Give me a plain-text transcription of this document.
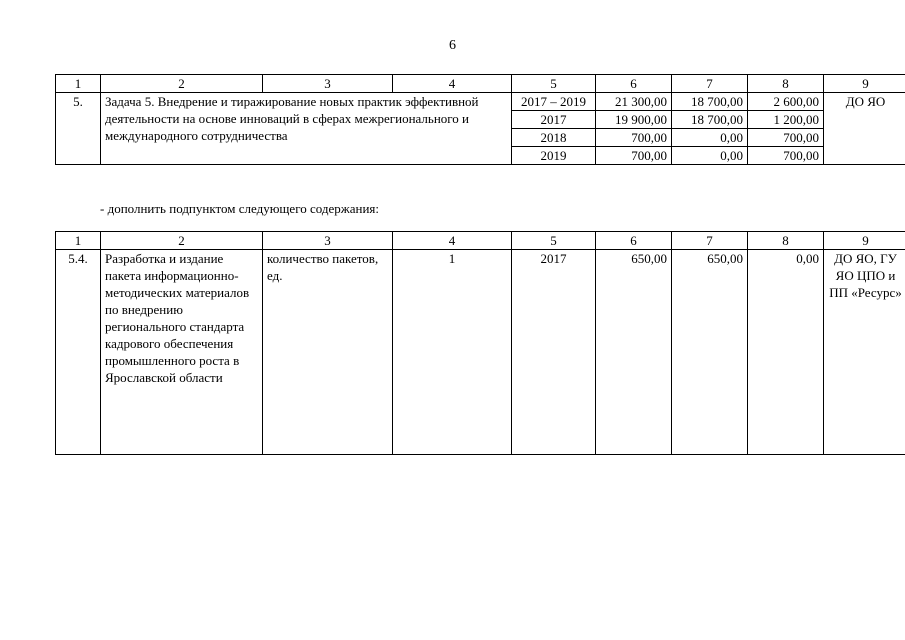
6
1	2	3	4	5	6	7	8	9
5.	Задача 5. Внедрение и тиражирование новых практик эффективной деятельности на основе инноваций в сферах межрегионального и международного сотрудничества			2017 – 2019	21 300,00	18 700,00	2 600,00	ДО ЯО
				2017	19 900,00	18 700,00	1 200,00	
				2018	700,00	0,00	700,00	
				2019	700,00	0,00	700,00	
- дополнить подпунктом следующего содержания:
1	2	3	4	5	6	7	8	9
5.4.	Разработка и издание пакета информационно-методических материалов по внедрению регионального стандарта кадрового обеспечения промышленного роста в Ярославской области	количество пакетов, ед.	1	2017	650,00	650,00	0,00	ДО ЯО, ГУ ЯО ЦПО и ПП «Ресурс»
